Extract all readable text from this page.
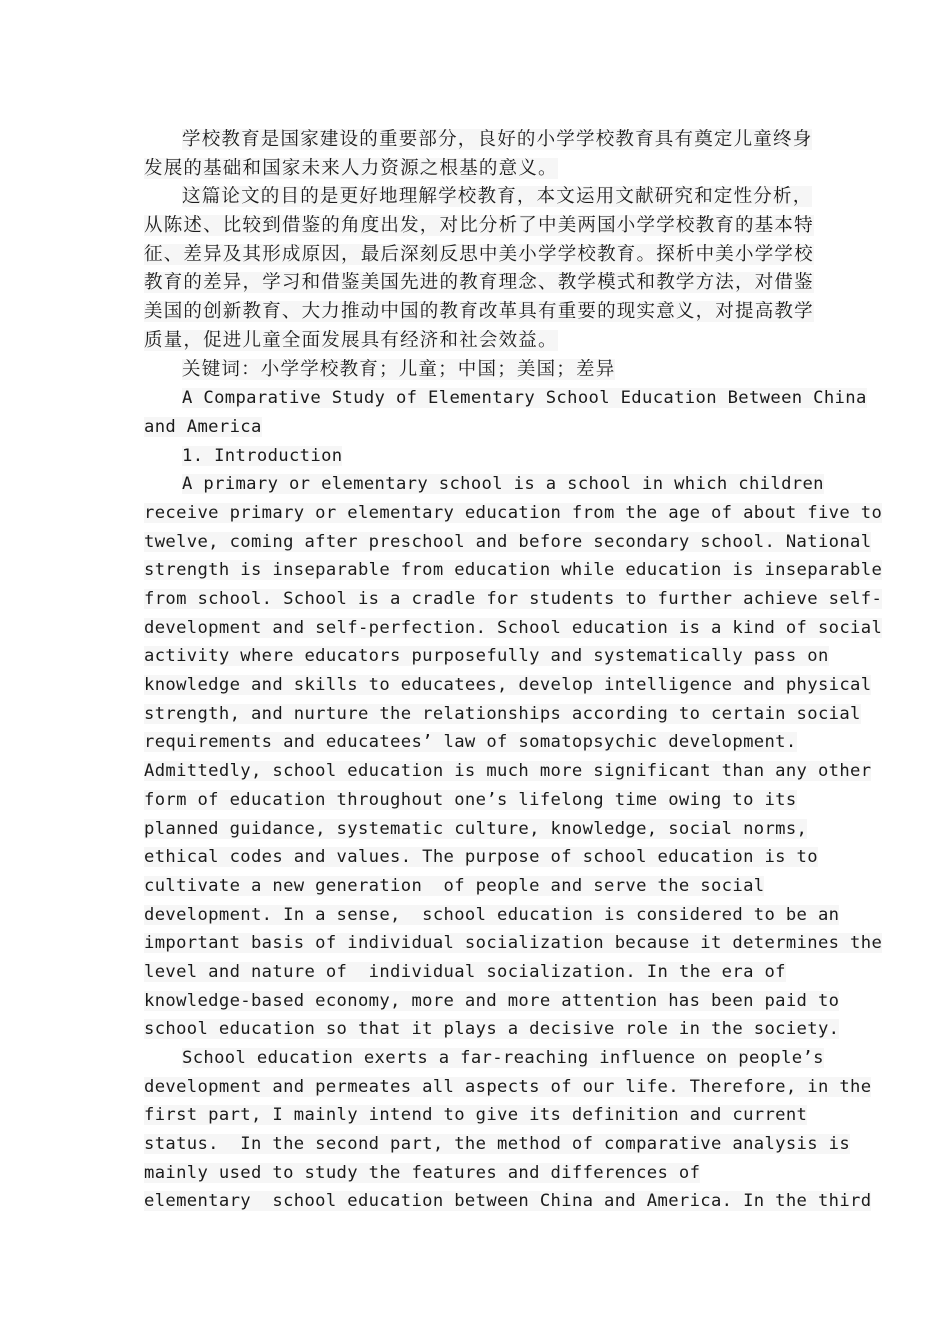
学校教育是国家建设的重要部分，良好的小学学校教育具有奠定儿童终身
发展的基础和国家未来人力资源之根基的意义。
这篇论文的目的是更好地理解学校教育，本文运用文献研究和定性分析，
从陈述、比较到借鉴的角度出发，对比分析了中美两国小学学校教育的基本特
征、差异及其形成原因，最后深刻反思中美小学学校教育。探析中美小学学校
教育的差异，学习和借鉴美国先进的教育理念、教学模式和教学方法，对借鉴
美国的创新教育、大力推动中国的教育改革具有重要的现实意义，对提高教学
质量，促进儿童全面发展具有经济和社会效益。
关键词：小学学校教育；儿童；中国；美国；差异
A Comparative Study of Elementary School Education Between China
and America
1. Introduction
A primary or elementary school is a school in which children
receive primary or elementary education from the age of about five to
twelve, coming after preschool and before secondary school. National
strength is inseparable from education while education is inseparable
from school. School is a cradle for students to further achieve self-
development and self-perfection. School education is a kind of social
activity where educators purposefully and systematically pass on
knowledge and skills to educatees, develop intelligence and physical
strength, and nurture the relationships according to certain social
requirements and educatees’ law of somatopsychic development.
Admittedly, school education is much more significant than any other
form of education throughout one’s lifelong time owing to its
planned guidance, systematic culture, knowledge, social norms,
ethical codes and values. The purpose of school education is to
cultivate a new generation  of people and serve the social
development. In a sense,  school education is considered to be an
important basis of individual socialization because it determines the
level and nature of  individual socialization. In the era of
knowledge-based economy, more and more attention has been paid to
school education so that it plays a decisive role in the society.
School education exerts a far-reaching influence on people’s
development and permeates all aspects of our life. Therefore, in the
first part, I mainly intend to give its definition and current
status.  In the second part, the method of comparative analysis is
mainly used to study the features and differences of
elementary  school education between China and America. In the third
